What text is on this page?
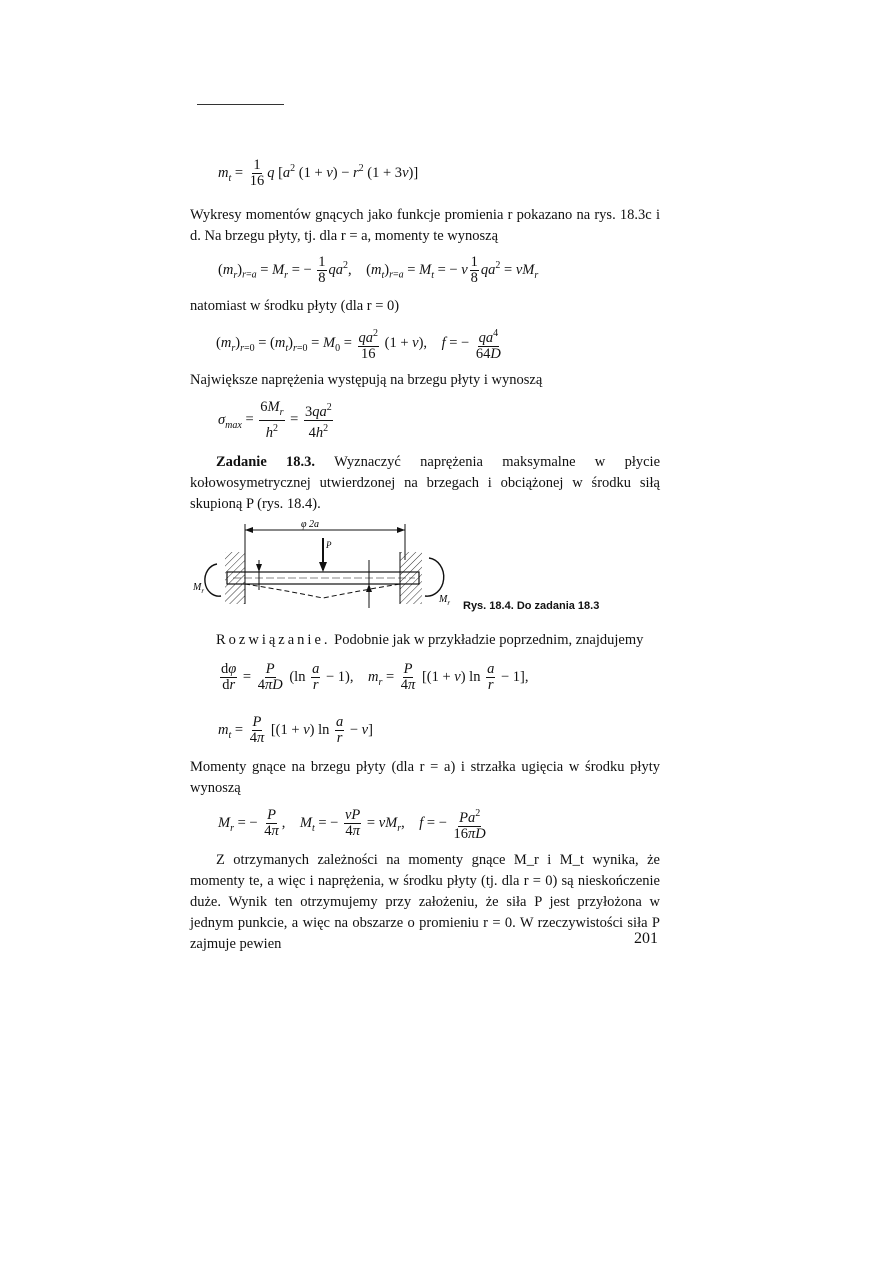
$m_t = \frac{1}{16}$ q [$a^2$ $(1 + \nu) - r^2$ (1 + 3ν)]
Wykresy momentów gnących jako funkcje promienia r pokazano na rys. 18.3c i d. Na brzegu płyty, tj. dla r = a, momenty te wynoszą
$(m_r)_{r=a} = M_r$ = − $\frac{1}{8} qa^2$,    $(m_t)_{r=a} = M_t$ = − ν $\frac{1}{8} qa^2 = \nu M_r$
natomiast w środku płyty (dla r = 0)
$(m_r)_{r=0} = (m_t)_{r=0} = M_0 = \frac{qa^2}{16} (1 + \nu)$,    f = − $\frac{qa^4}{64D}$
Największe naprężenia występują na brzegu płyty i wynoszą
$\sigma_{max} = \frac{6M_r}{h^2} = \frac{3qa^2}{4h^2}$
Zadanie 18.3. Wyznaczyć naprężenia maksymalne w płycie kołowosymetrycznej utwierdzonej na brzegach i obciążonej w środku siłą skupioną P (rys. 18.4).
φ 2a
P
$M_r$
$M_r$ Rys. 18.4. Do zadania 18.3
Rozwiązanie. Podobnie jak w przykładzie poprzednim, znajdujemy
$\frac{d\varphi}{dr} = \frac{P}{4\pi D} (\ln \frac{a}{r} - 1)$,    $m_r = \frac{P}{4\pi} [(1 + \nu)$ $\ln \frac{a}{r} - 1$],
$m_t = \frac{P}{4\pi} [(1 + \nu)$ $\ln \frac{a}{r} - \nu$]
Momenty gnące na brzegu płyty (dla r = a) i strzałka ugięcia w środku płyty wynoszą
$M_r$ = − $\frac{P}{4\pi}$ ,    $M_t$ = − $\frac{\nu P}{4\pi} = \nu M_r$,    f = − $\frac{Pa^2}{16\pi D}$
Z otrzymanych zależności na momenty gnące M_r i M_t wynika, że momenty te, a więc i naprężenia, w środku płyty (tj. dla r = 0) są nieskończenie duże. Wynik ten otrzymujemy przy założeniu, że siła P jest przyłożona w jednym punkcie, a więc na obszarze o promieniu r = 0. W rzeczywistości siła P zajmuje pewien	201
